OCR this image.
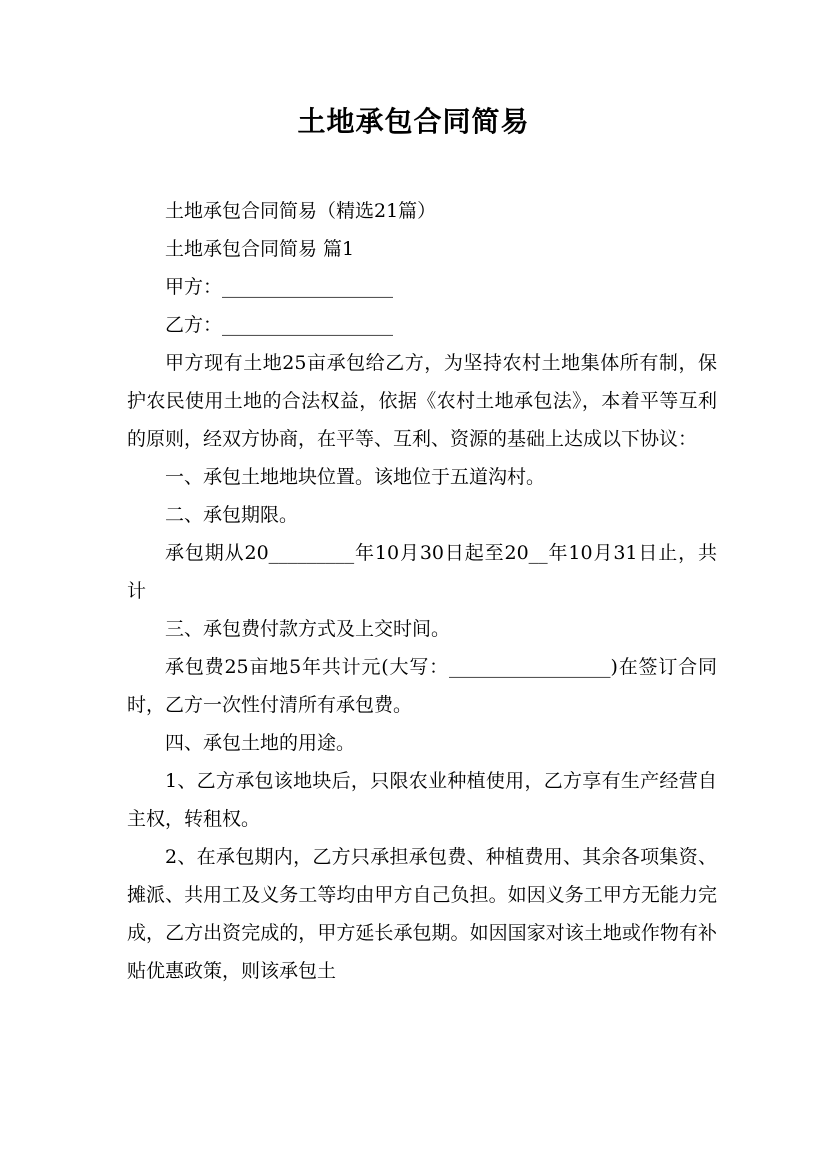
土地承包合同简易

土地承包合同简易（精选21篇）

土地承包合同简易 篇1

甲方：__________________

乙方：__________________

甲方现有土地25亩承包给乙方，为坚持农村土地集体所有制，保护农民使用土地的合法权益，依据《农村土地承包法》，本着平等互利的原则，经双方协商，在平等、互利、资源的基础上达成以下协议：

一、承包土地地块位置。该地位于五道沟村。

二、承包期限。

承包期从20_________年10月30日起至20__年10月31日止，共计

三、承包费付款方式及上交时间。

承包费25亩地5年共计元(大写：_________________)在签订合同时，乙方一次性付清所有承包费。

四、承包土地的用途。

1、乙方承包该地块后，只限农业种植使用，乙方享有生产经营自主权，转租权。

2、在承包期内，乙方只承担承包费、种植费用、其余各项集资、摊派、共用工及义务工等均由甲方自己负担。如因义务工甲方无能力完成，乙方出资完成的，甲方延长承包期。如因国家对该土地或作物有补贴优惠政策，则该承包土
